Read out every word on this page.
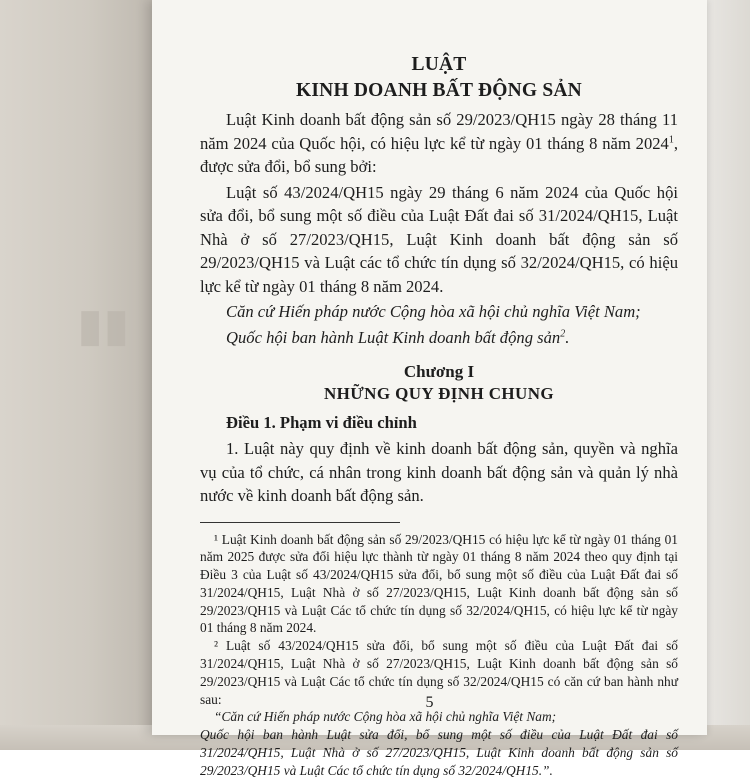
▮▮

LUẬT

KINH DOANH BẤT ĐỘNG SẢN

Luật Kinh doanh bất động sản số 29/2023/QH15 ngày 28 tháng 11 năm 2024 của Quốc hội, có hiệu lực kể từ ngày 01 tháng 8 năm 2024$^1$, được sửa đổi, bổ sung bởi:

Luật số 43/2024/QH15 ngày 29 tháng 6 năm 2024 của Quốc hội sửa đổi, bổ sung một số điều của Luật Đất đai số 31/2024/QH15, Luật Nhà ở số 27/2023/QH15, Luật Kinh doanh bất động sản số 29/2023/QH15 và Luật các tổ chức tín dụng số 32/2024/QH15, có hiệu lực kể từ ngày 01 tháng 8 năm 2024.

Căn cứ Hiến pháp nước Cộng hòa xã hội chủ nghĩa Việt Nam;

Quốc hội ban hành Luật Kinh doanh bất động sản$^2$.

Chương I

NHỮNG QUY ĐỊNH CHUNG

Điều 1. Phạm vi điều chỉnh

1. Luật này quy định về kinh doanh bất động sản, quyền và nghĩa vụ của tổ chức, cá nhân trong kinh doanh bất động sản và quản lý nhà nước về kinh doanh bất động sản.

¹ Luật Kinh doanh bất động sản số 29/2023/QH15 có hiệu lực kể từ ngày 01 tháng 01 năm 2025 được sửa đổi hiệu lực thành từ ngày 01 tháng 8 năm 2024 theo quy định tại Điều 3 của Luật số 43/2024/QH15 sửa đổi, bổ sung một số điều của Luật Đất đai số 31/2024/QH15, Luật Nhà ở số 27/2023/QH15, Luật Kinh doanh bất động sản số 29/2023/QH15 và Luật Các tổ chức tín dụng số 32/2024/QH15, có hiệu lực kể từ ngày 01 tháng 8 năm 2024.

² Luật số 43/2024/QH15 sửa đổi, bổ sung một số điều của Luật Đất đai số 31/2024/QH15, Luật Nhà ở số 27/2023/QH15, Luật Kinh doanh bất động sản số 29/2023/QH15 và Luật Các tổ chức tín dụng số 32/2024/QH15 có căn cứ ban hành như sau:

“Căn cứ Hiến pháp nước Cộng hòa xã hội chủ nghĩa Việt Nam;

Quốc hội ban hành Luật sửa đổi, bổ sung một số điều của Luật Đất đai số 31/2024/QH15, Luật Nhà ở số 27/2023/QH15, Luật Kinh doanh bất động sản số 29/2023/QH15 và Luật Các tổ chức tín dụng số 32/2024/QH15.”.

5
